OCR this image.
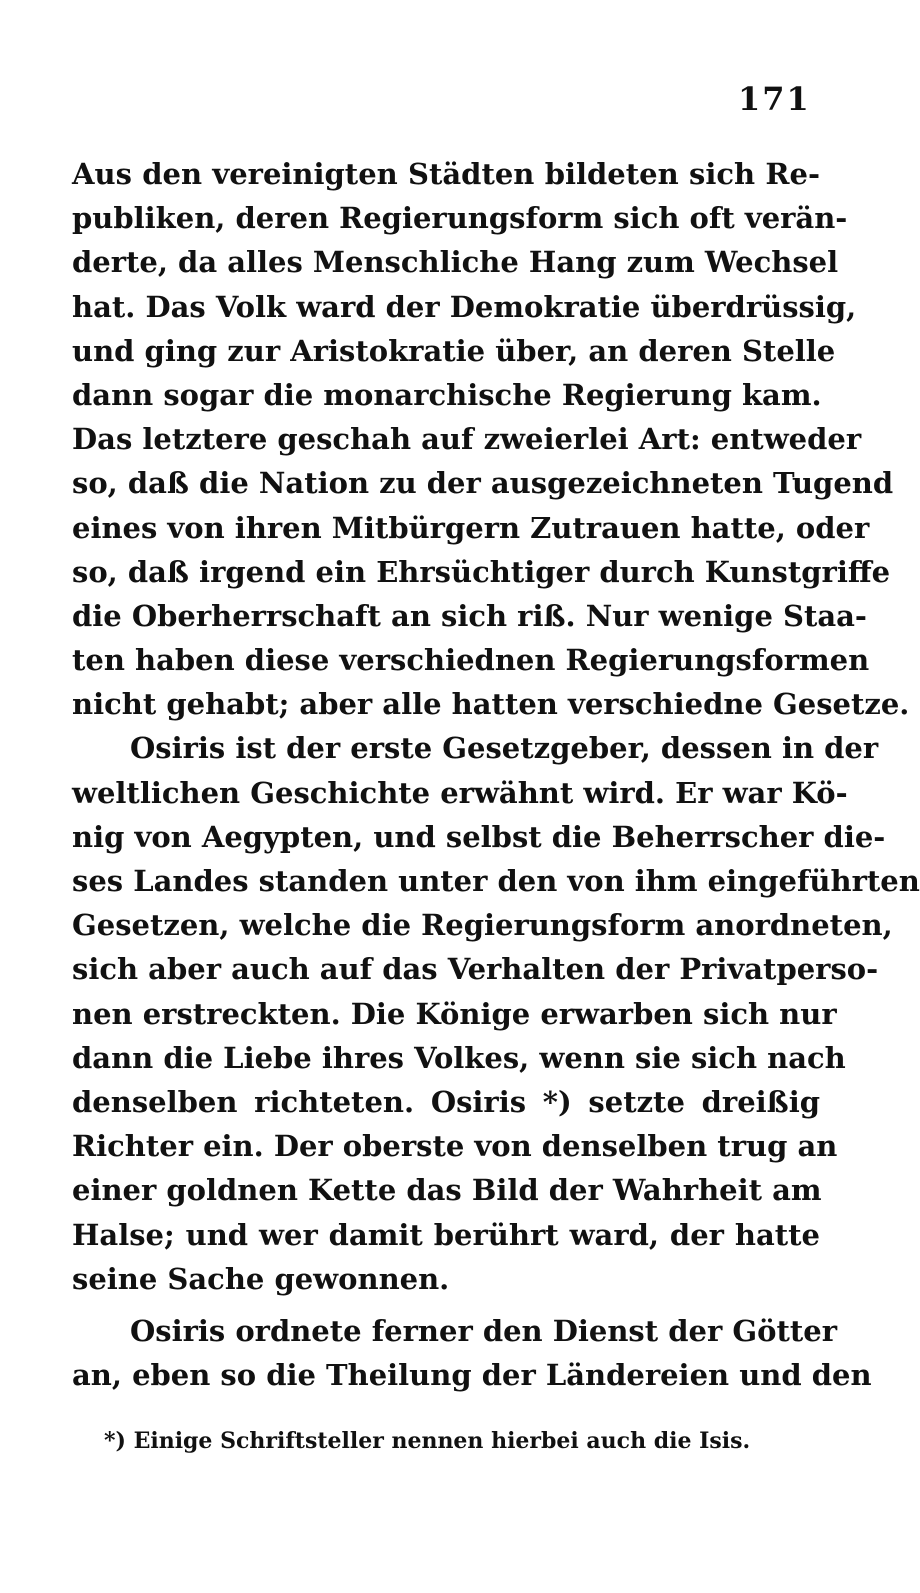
171
Aus den vereinigten Städten bildeten sich Re-
publiken, deren Regierungsform sich oft verän-
derte, da alles Menschliche Hang zum Wechsel
hat. Das Volk ward der Demokratie überdrüssig,
und ging zur Aristokratie über, an deren Stelle
dann sogar die monarchische Regierung kam.
Das letztere geschah auf zweierlei Art: entweder
so, daß die Nation zu der ausgezeichneten Tugend
eines von ihren Mitbürgern Zutrauen hatte, oder
so, daß irgend ein Ehrsüchtiger durch Kunstgriffe
die Oberherrschaft an sich riß. Nur wenige Staa-
ten haben diese verschiednen Regierungsformen
nicht gehabt; aber alle hatten verschiedne Gesetze.
Osiris ist der erste Gesetzgeber, dessen in der
weltlichen Geschichte erwähnt wird. Er war Kö-
nig von Aegypten, und selbst die Beherrscher die-
ses Landes standen unter den von ihm eingeführten
Gesetzen, welche die Regierungsform anordneten,
sich aber auch auf das Verhalten der Privatperso-
nen erstreckten. Die Könige erwarben sich nur
dann die Liebe ihres Volkes, wenn sie sich nach
denselben richteten. Osiris *) setzte dreißig
Richter ein. Der oberste von denselben trug an
einer goldnen Kette das Bild der Wahrheit am
Halse; und wer damit berührt ward, der hatte
seine Sache gewonnen.
Osiris ordnete ferner den Dienst der Götter
an, eben so die Theilung der Ländereien und den
*) Einige Schriftsteller nennen hierbei auch die Isis.
